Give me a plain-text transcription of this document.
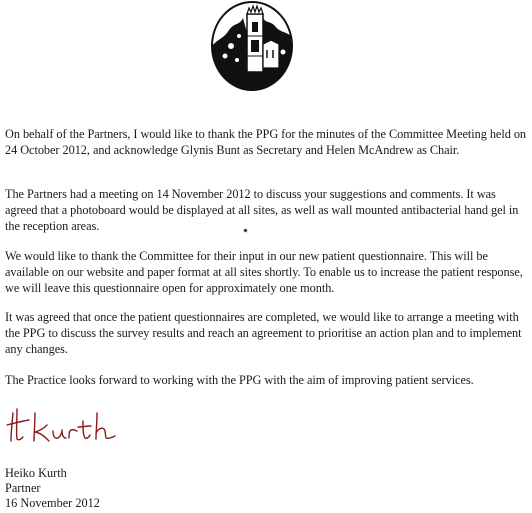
On behalf of the Partners, I would like to thank the PPG for the minutes of the Committee Meeting held on 24 October 2012, and acknowledge Glynis Bunt as Secretary and Helen McAndrew as Chair.

The Partners had a meeting on 14 November 2012 to discuss your suggestions and comments. It was agreed that a photoboard would be displayed at all sites, as well as wall mounted antibacterial hand gel in the reception areas.

We would like to thank the Committee for their input in our new patient questionnaire. This will be available on our website and paper format at all sites shortly. To enable us to increase the patient response, we will leave this questionnaire open for approximately one month.

It was agreed that once the patient questionnaires are completed, we would like to arrange a meeting with the PPG to discuss the survey results and reach an agreement to prioritise an action plan and to implement any changes.

The Practice looks forward to working with the PPG with the aim of improving patient services.

Heiko Kurth
Partner
16 November 2012
